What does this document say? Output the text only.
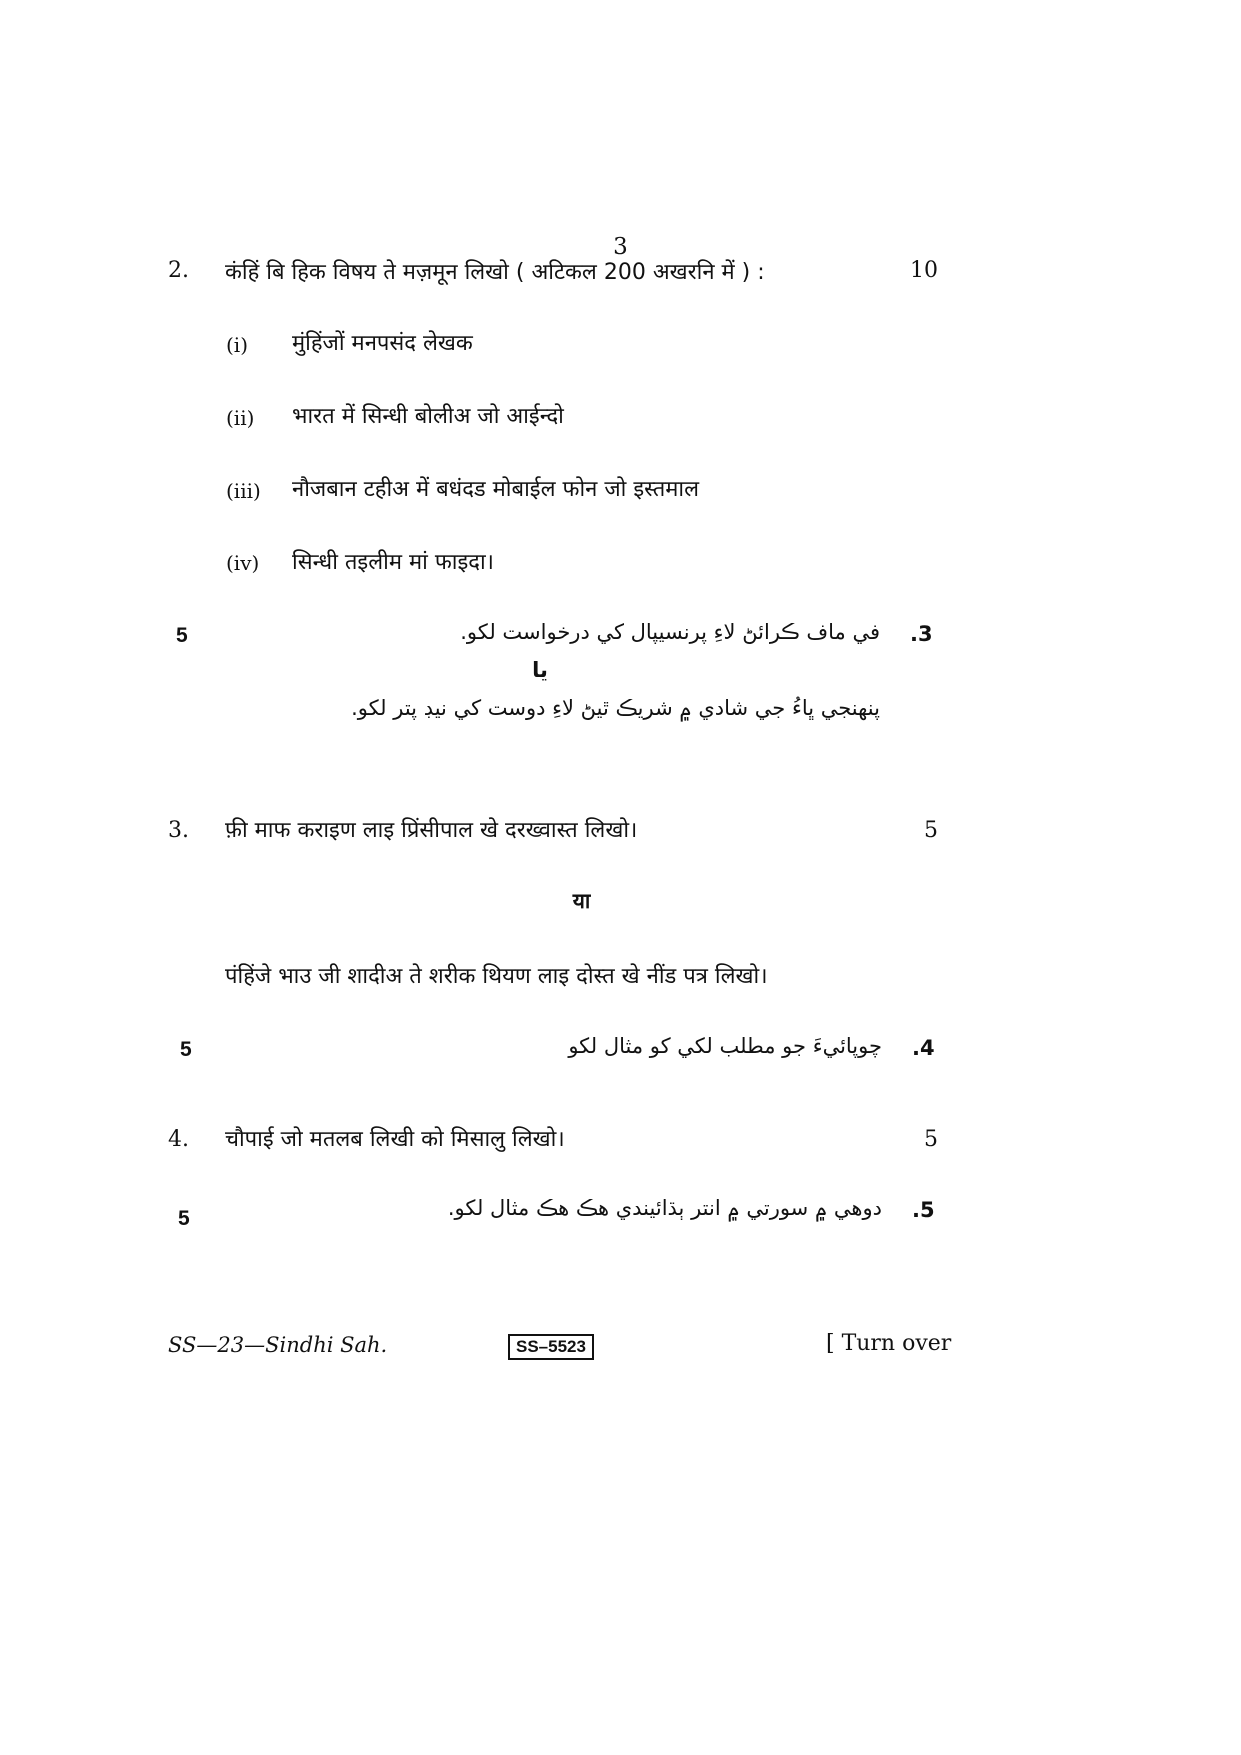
3
2. कंहिं बि हिक विषय ते मज़मून लिखो ( अटिकल 200 अखरनि में ) :	10
(i) मुंहिंजों मनपसंद लेखक
(ii) भारत में सिन्धी बोलीअ जो आईन्दो
(iii) नौजबान टहीअ में बधंदड मोबाईल फोन जो इस्तमाल
(iv) सिन्धी तइलीम मां फाइदा।
5	في ماف ڪرائڻ لاءِ پرنسيپال کي درخواست لکو. .3
يا
پنهنجي ڀاءُ جي شادي ۾ شريڪ ٿيڻ لاءِ دوست کي نيڊ پتر لکو.
3. फ़ी माफ कराइण लाइ प्रिंसीपाल खे दरख्वास्त लिखो।	5
या
पंहिंजे भाउ जी शादीअ ते शरीक थियण लाइ दोस्त खे नींड पत्र लिखो।
5	چوپائيءَ جو مطلب لکي کو مثال لکو .4
4. चौपाई जो मतलब लिखी को मिसालु लिखो।	5
5	دوهي ۾ سورتي ۾ انتر ٻڌائيندي هڪ هڪ مثال لکو. .5
SS—23—Sindhi Sah.	SS–5523	[ Turn over
